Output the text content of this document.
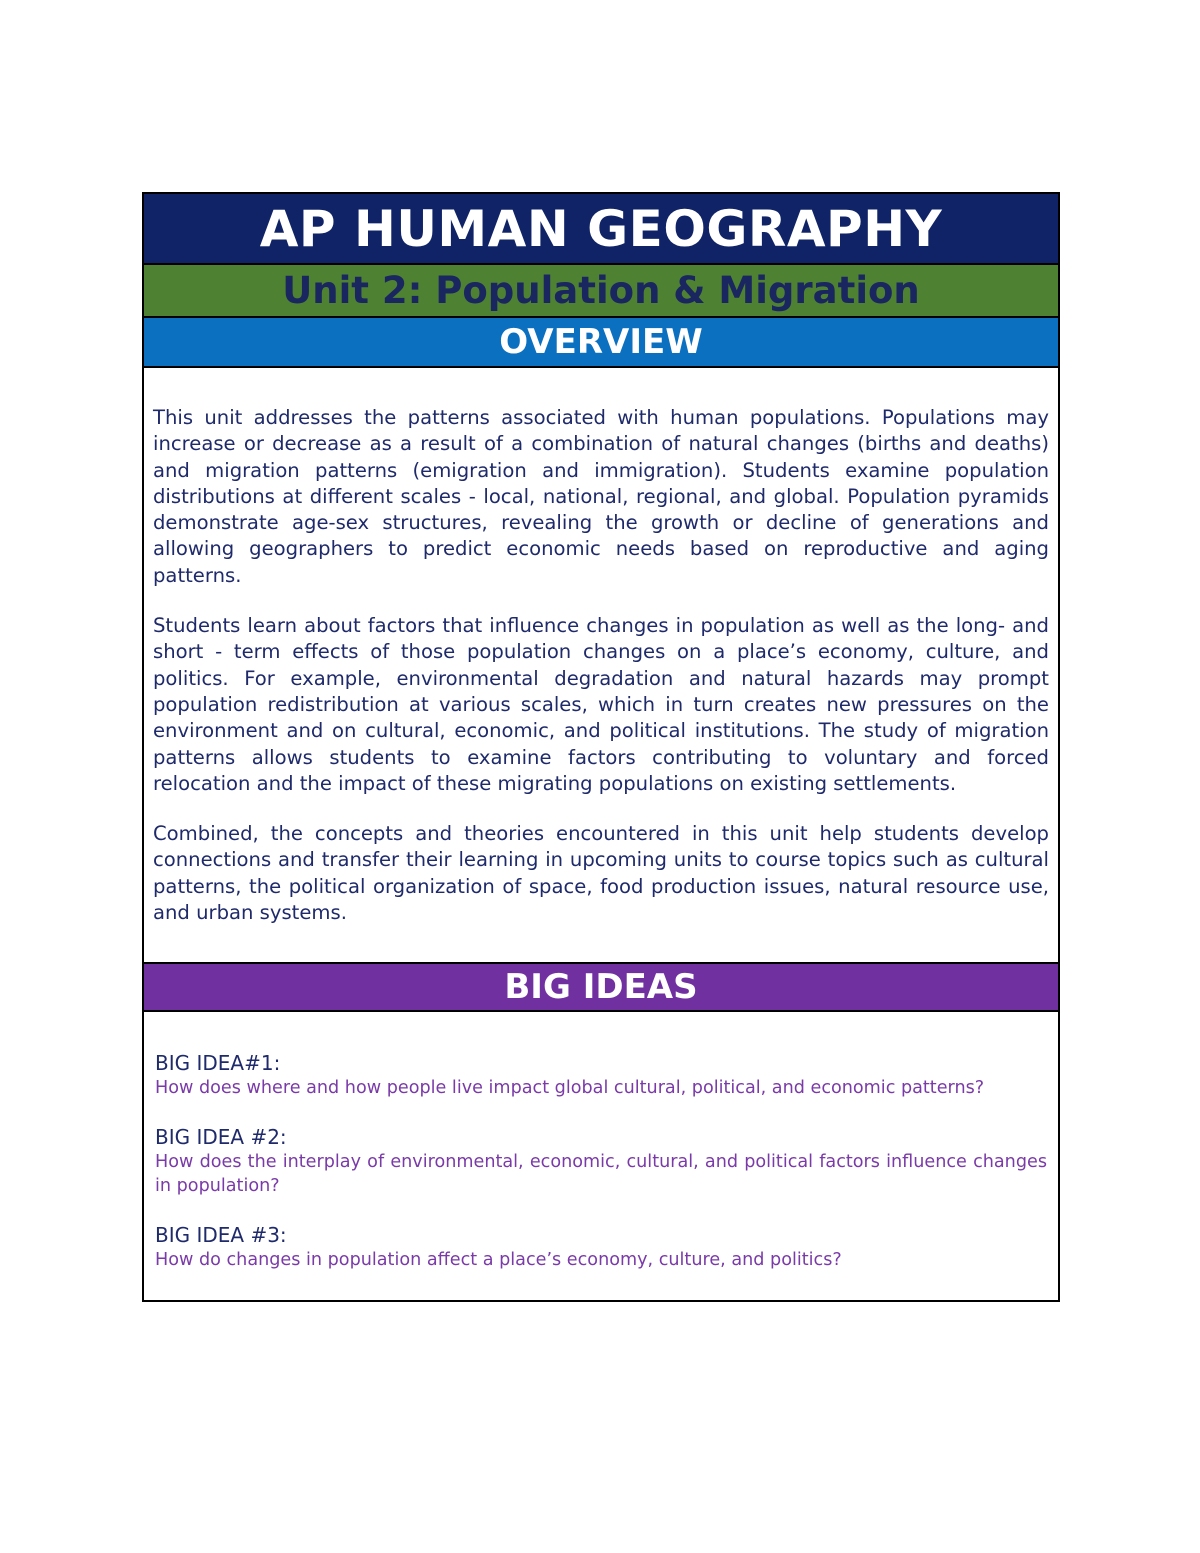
AP HUMAN GEOGRAPHY
Unit 2: Population & Migration
OVERVIEW

This unit addresses the patterns associated with human populations. Populations may increase or decrease as a result of a combination of natural changes (births and deaths) and migration patterns (emigration and immigration). Students examine population distributions at different scales - local, national, regional, and global. Population pyramids demonstrate age-sex structures, revealing the growth or decline of generations and allowing geographers to predict economic needs based on reproductive and aging patterns.

Students learn about factors that influence changes in population as well as the long- and short - term effects of those population changes on a place’s economy, culture, and politics. For example, environmental degradation and natural hazards may prompt population redistribution at various scales, which in turn creates new pressures on the environment and on cultural, economic, and political institutions. The study of migration patterns allows students to examine factors contributing to voluntary and forced relocation and the impact of these migrating populations on existing settlements.

Combined, the concepts and theories encountered in this unit help students develop connections and transfer their learning in upcoming units to course topics such as cultural patterns, the political organization of space, food production issues, natural resource use, and urban systems.

BIG IDEAS
BIG IDEA#1:
How does where and how people live impact global cultural, political, and economic patterns?
BIG IDEA #2:
How does the interplay of environmental, economic, cultural, and political factors influence changes in population?
BIG IDEA #3:
How do changes in population affect a place’s economy, culture, and politics?
